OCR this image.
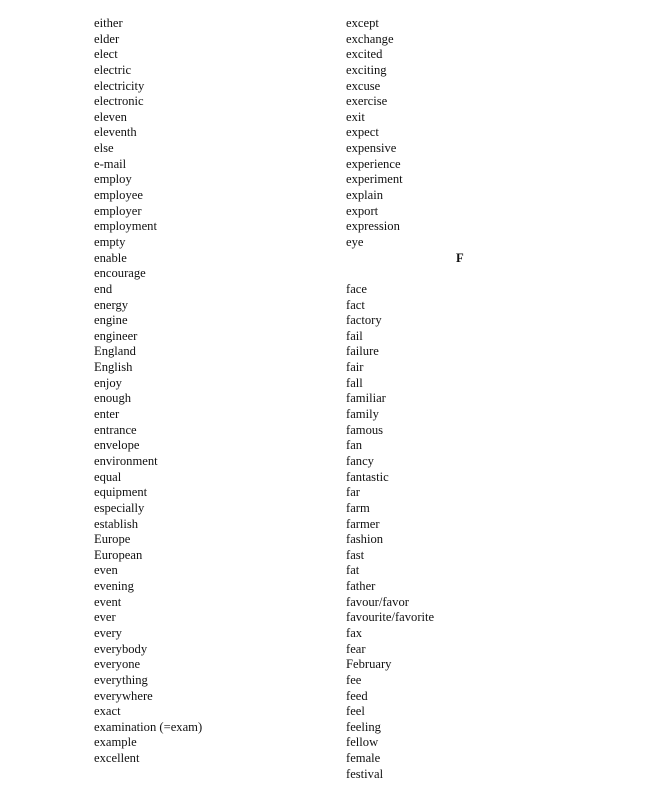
either
elder
elect
electric
electricity
electronic
eleven
eleventh
else
e-mail
employ
employee
employer
employment
empty
enable
encourage
end
energy
engine
engineer
England
English
enjoy
enough
enter
entrance
envelope
environment
equal
equipment
especially
establish
Europe
European
even
evening
event
ever
every
everybody
everyone
everything
everywhere
exact
examination (=exam)
example
excellent
except
exchange
excited
exciting
excuse
exercise
exit
expect
expensive
experience
experiment
explain
export
expression
eye
F
face
fact
factory
fail
failure
fair
fall
familiar
family
famous
fan
fancy
fantastic
far
farm
farmer
fashion
fast
fat
father
favour/favor
favourite/favorite
fax
fear
February
fee
feed
feel
feeling
fellow
female
festival
